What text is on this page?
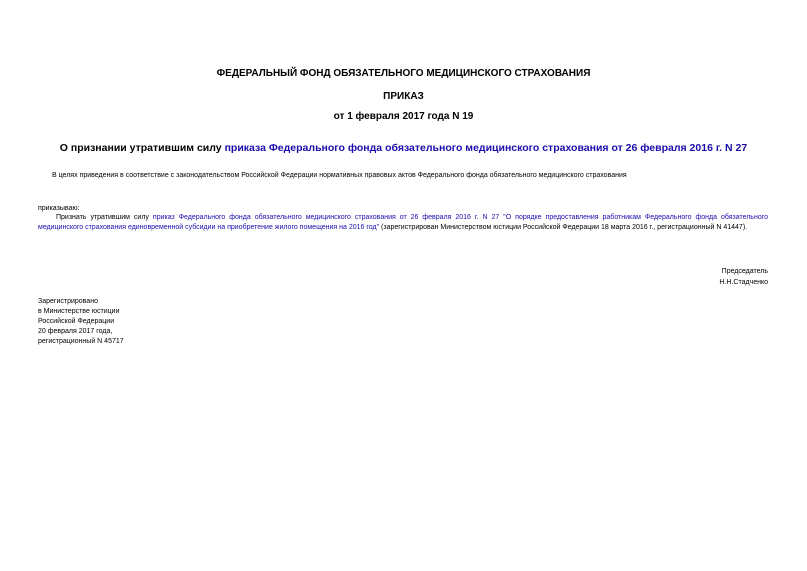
ФЕДЕРАЛЬНЫЙ ФОНД ОБЯЗАТЕЛЬНОГО МЕДИЦИНСКОГО СТРАХОВАНИЯ
ПРИКАЗ
от 1 февраля 2017 года N 19
О признании утратившим силу приказа Федерального фонда обязательного медицинского страхования от 26 февраля 2016 г. N 27
В целях приведения в соответствие с законодательством Российской Федерации нормативных правовых актов Федерального фонда обязательного медицинского страхования
приказываю:
Признать утратившим силу приказ Федерального фонда обязательного медицинского страхования от 26 февраля 2016 г. N 27 "О порядке предоставления работникам Федерального фонда обязательного медицинского страхования единовременной субсидии на приобретение жилого помещения на 2016 год" (зарегистрирован Министерством юстиции Российской Федерации 18 марта 2016 г., регистрационный N 41447).
Председатель
Н.Н.Стадченко
Зарегистрировано
в Министерстве юстиции
Российской Федерации
20 февраля 2017 года,
регистрационный N 45717
